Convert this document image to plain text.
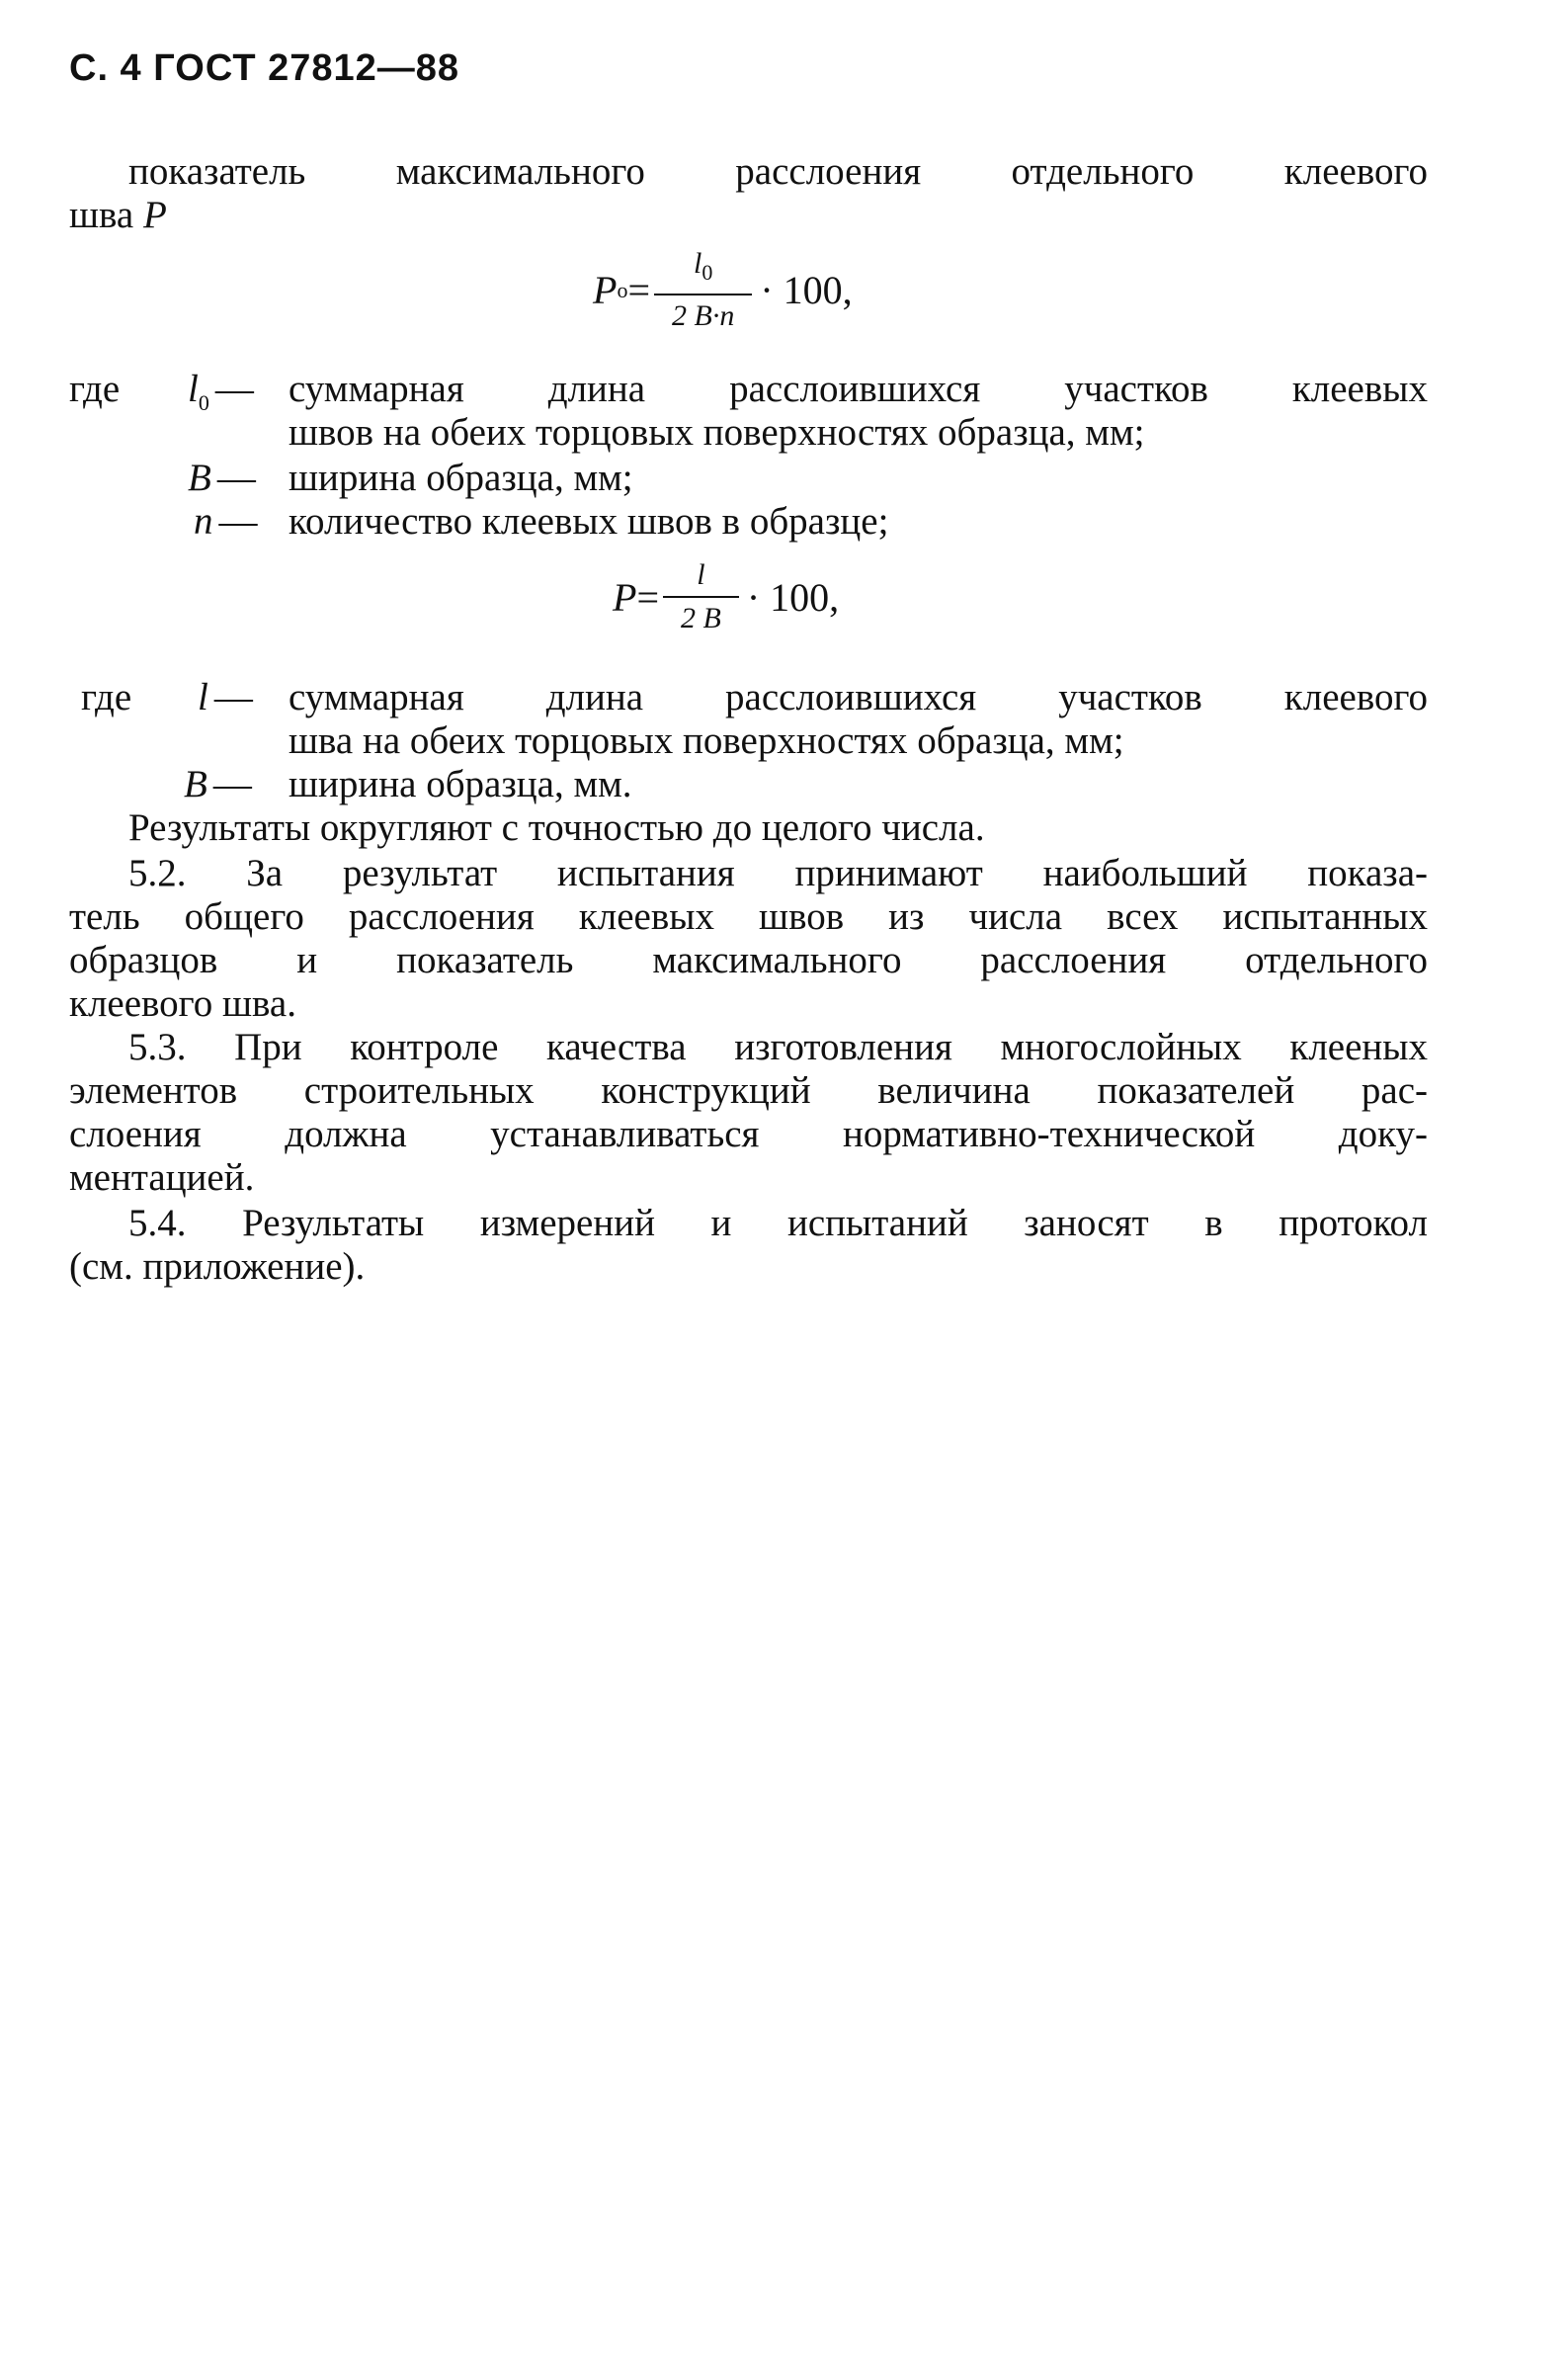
С. 4 ГОСТ 27812—88
показатель максимального расслоения отдельного клеевого
шва P
P $о = \frac{l_0}{2 B\cdot n} \cdot 100$,
где $l_0$ — суммарная длина расслоившихся участков клеевых
швов на обеих торцовых поверхностях образца, мм;
B — ширина образца, мм;
n — количество клеевых швов в образце;
$P = \frac{l}{2 B} \cdot 100$,
где l — суммарная длина расслоившихся участков клеевого
шва на обеих торцовых поверхностях образца, мм;
B — ширина образца, мм.
Результаты округляют с точностью до целого числа.
5.2. За результат испытания принимают наибольший показа-
тель общего расслоения клеевых швов из числа всех испытанных
образцов и показатель максимального расслоения отдельного
клеевого шва.
5.3. При контроле качества изготовления многослойных клееных
элементов строительных конструкций величина показателей рас-
слоения должна устанавливаться нормативно-технической доку-
ментацией.
5.4. Результаты измерений и испытаний заносят в протокол
(см. приложение).
